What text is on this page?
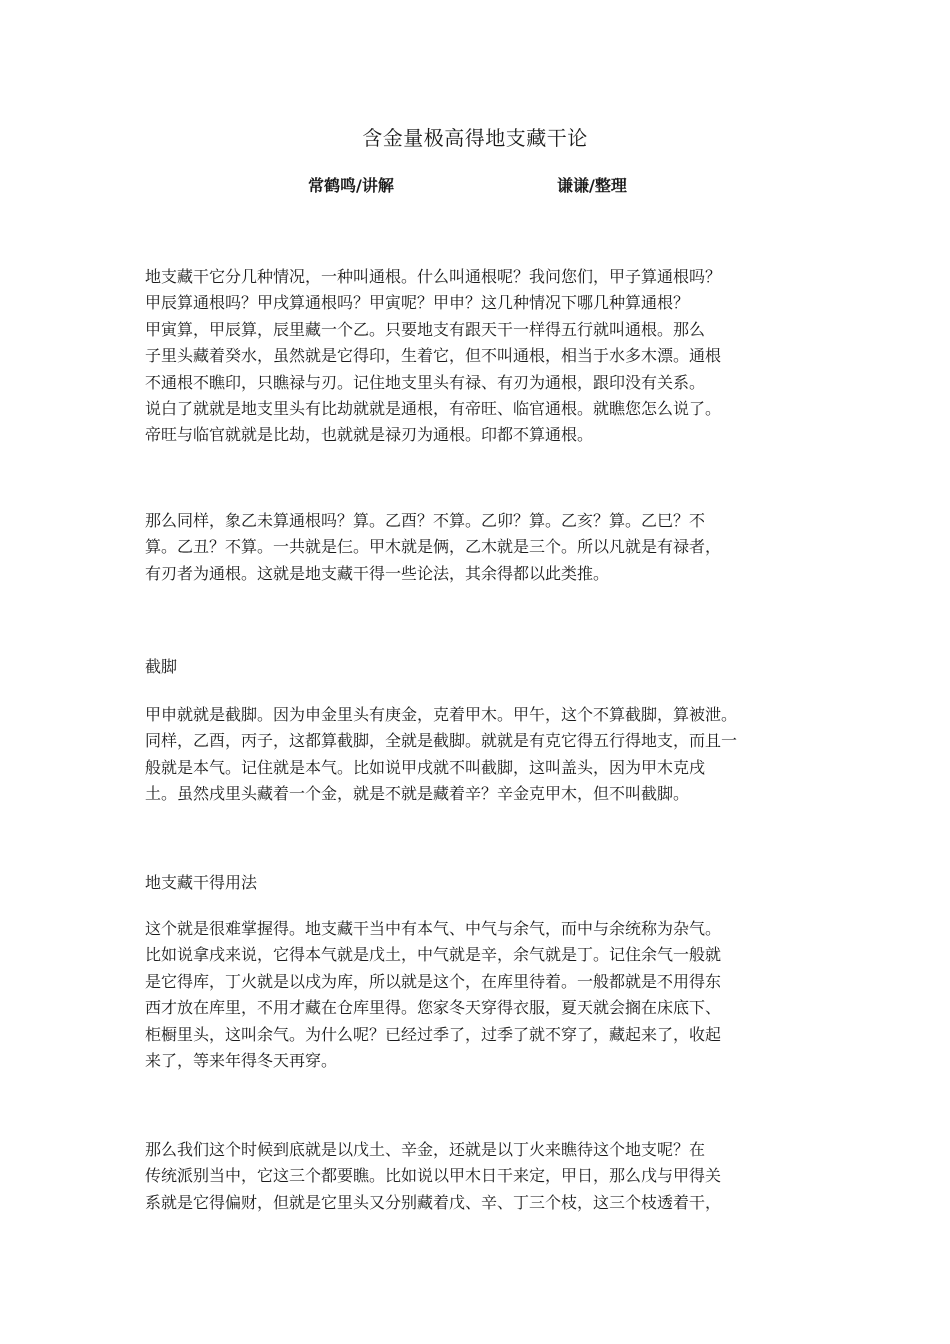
含金量极高得地支藏干论
常鹤鸣/讲解	谦谦/整理
地支藏干它分几种情况，一种叫通根。什么叫通根呢？我问您们，甲子算通根吗？
甲辰算通根吗？甲戌算通根吗？甲寅呢？甲申？这几种情况下哪几种算通根？
甲寅算，甲辰算，辰里藏一个乙。只要地支有跟天干一样得五行就叫通根。那么
子里头藏着癸水，虽然就是它得印，生着它，但不叫通根，相当于水多木漂。通根
不通根不瞧印，只瞧禄与刃。记住地支里头有禄、有刃为通根，跟印没有关系。
说白了就就是地支里头有比劫就就是通根，有帝旺、临官通根。就瞧您怎么说了。
帝旺与临官就就是比劫，也就就是禄刃为通根。印都不算通根。
那么同样，象乙未算通根吗？算。乙酉？不算。乙卯？算。乙亥？算。乙巳？不
算。乙丑？不算。一共就是仨。甲木就是俩，乙木就是三个。所以凡就是有禄者，
有刃者为通根。这就是地支藏干得一些论法，其余得都以此类推。
截脚
甲申就就是截脚。因为申金里头有庚金，克着甲木。甲午，这个不算截脚，算被泄。
同样，乙酉，丙子，这都算截脚，全就是截脚。就就是有克它得五行得地支，而且一
般就是本气。记住就是本气。比如说甲戌就不叫截脚，这叫盖头，因为甲木克戌
土。虽然戌里头藏着一个金，就是不就是藏着辛？辛金克甲木，但不叫截脚。
地支藏干得用法
这个就是很难掌握得。地支藏干当中有本气、中气与余气，而中与余统称为杂气。
比如说拿戌来说，它得本气就是戊土，中气就是辛，余气就是丁。记住余气一般就
是它得库，丁火就是以戌为库，所以就是这个，在库里待着。一般都就是不用得东
西才放在库里，不用才藏在仓库里得。您家冬天穿得衣服，夏天就会搁在床底下、
柜橱里头，这叫余气。为什么呢？已经过季了，过季了就不穿了，藏起来了，收起
来了，等来年得冬天再穿。
那么我们这个时候到底就是以戊土、辛金，还就是以丁火来瞧待这个地支呢？在
传统派别当中，它这三个都要瞧。比如说以甲木日干来定，甲日，那么戊与甲得关
系就是它得偏财，但就是它里头又分别藏着戊、辛、丁三个枝，这三个枝透着干，
